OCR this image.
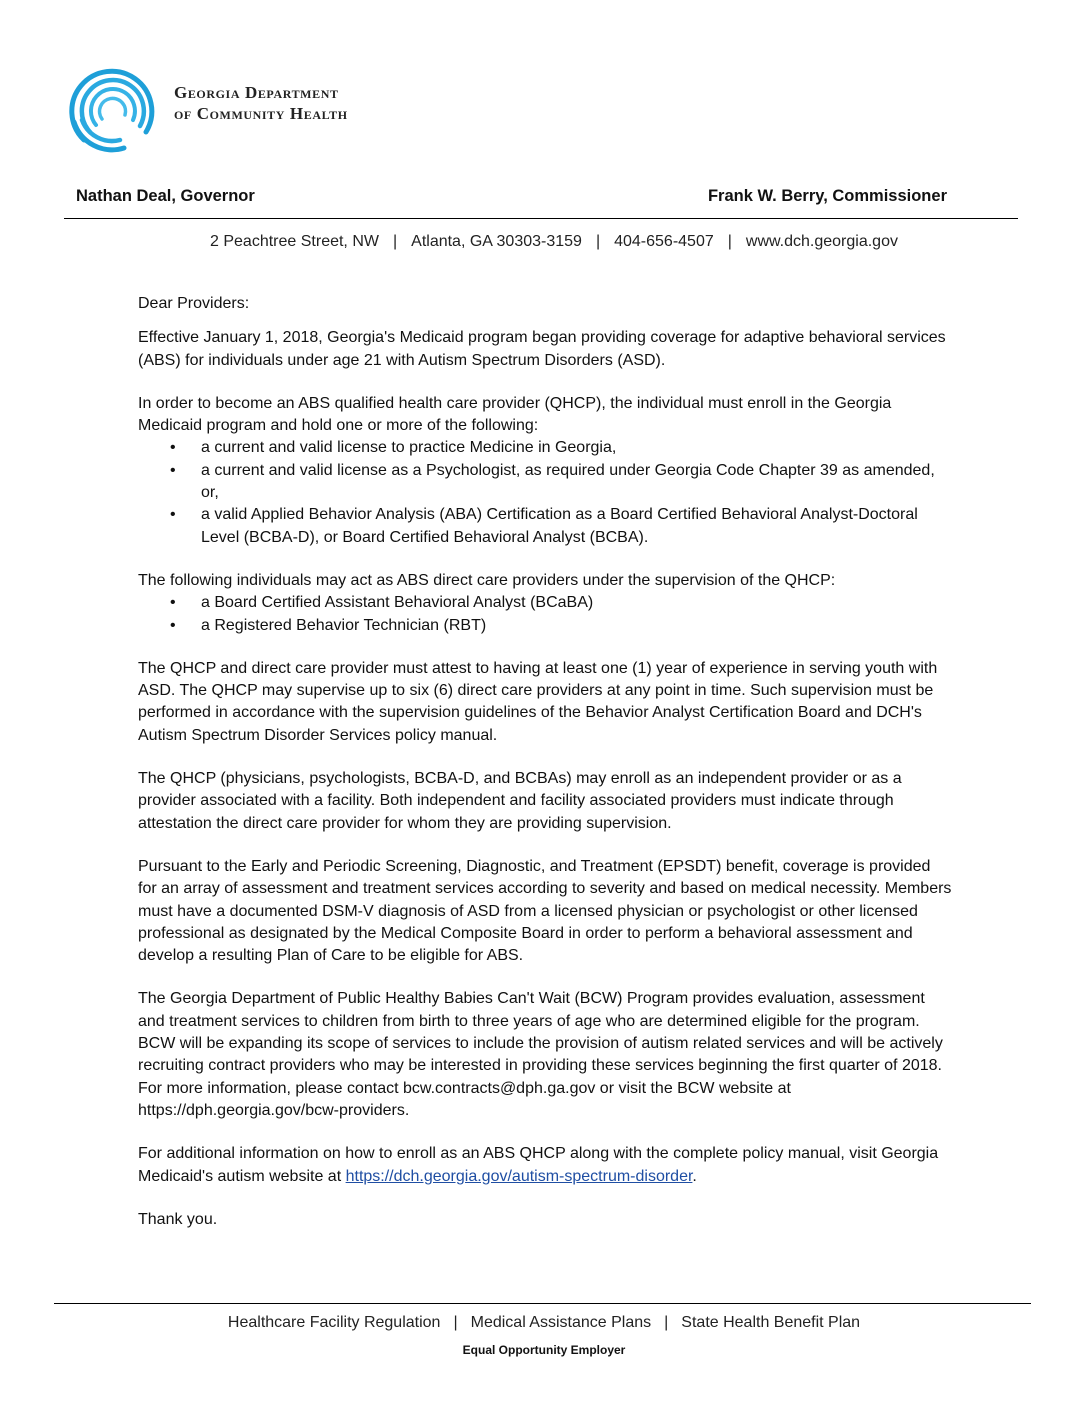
Georgia Department
of Community Health
Nathan Deal, Governor	Frank W. Berry, Commissioner
2 Peachtree Street, NW | Atlanta, GA 30303-3159 | 404-656-4507 | www.dch.georgia.gov

Dear Providers:

Effective January 1, 2018, Georgia's Medicaid program began providing coverage for adaptive behavioral services (ABS) for individuals under age 21 with Autism Spectrum Disorders (ASD).

In order to become an ABS qualified health care provider (QHCP), the individual must enroll in the Georgia Medicaid program and hold one or more of the following:

• a current and valid license to practice Medicine in Georgia,
• a current and valid license as a Psychologist, as required under Georgia Code Chapter 39 as amended, or,
• a valid Applied Behavior Analysis (ABA) Certification as a Board Certified Behavioral Analyst-Doctoral Level (BCBA-D), or Board Certified Behavioral Analyst (BCBA).

The following individuals may act as ABS direct care providers under the supervision of the QHCP:

• a Board Certified Assistant Behavioral Analyst (BCaBA)
• a Registered Behavior Technician (RBT)

The QHCP and direct care provider must attest to having at least one (1) year of experience in serving youth with ASD. The QHCP may supervise up to six (6) direct care providers at any point in time. Such supervision must be performed in accordance with the supervision guidelines of the Behavior Analyst Certification Board and DCH's Autism Spectrum Disorder Services policy manual.

The QHCP (physicians, psychologists, BCBA-D, and BCBAs) may enroll as an independent provider or as a provider associated with a facility. Both independent and facility associated providers must indicate through attestation the direct care provider for whom they are providing supervision.

Pursuant to the Early and Periodic Screening, Diagnostic, and Treatment (EPSDT) benefit, coverage is provided for an array of assessment and treatment services according to severity and based on medical necessity. Members must have a documented DSM-V diagnosis of ASD from a licensed physician or psychologist or other licensed professional as designated by the Medical Composite Board in order to perform a behavioral assessment and develop a resulting Plan of Care to be eligible for ABS.

The Georgia Department of Public Healthy Babies Can't Wait (BCW) Program provides evaluation, assessment and treatment services to children from birth to three years of age who are determined eligible for the program. BCW will be expanding its scope of services to include the provision of autism related services and will be actively recruiting contract providers who may be interested in providing these services beginning the first quarter of 2018. For more information, please contact bcw.contracts@dph.ga.gov or visit the BCW website at https://dph.georgia.gov/bcw-providers.

For additional information on how to enroll as an ABS QHCP along with the complete policy manual, visit Georgia Medicaid's autism website at https://dch.georgia.gov/autism-spectrum-disorder.

Thank you.

Healthcare Facility Regulation | Medical Assistance Plans | State Health Benefit Plan
Equal Opportunity Employer
